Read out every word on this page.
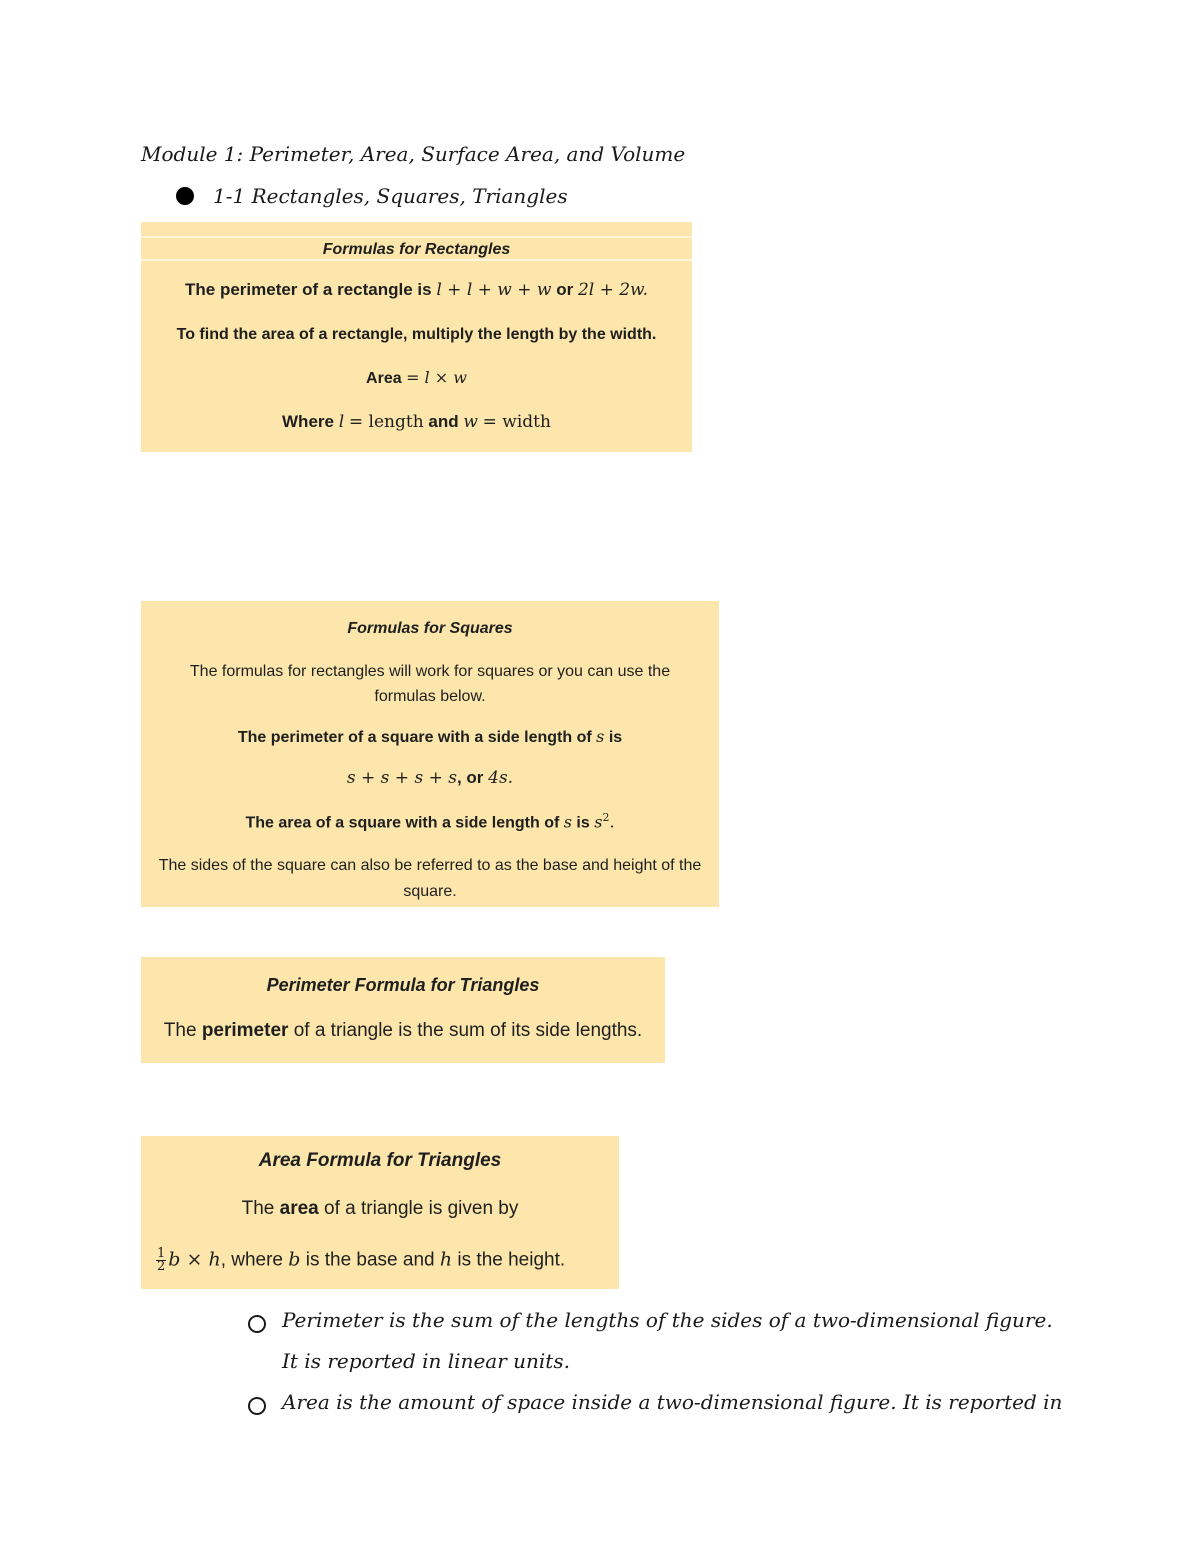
Module 1: Perimeter, Area, Surface Area, and Volume
1-1 Rectangles, Squares, Triangles
Formulas for Rectangles
The perimeter of a rectangle is l + l + w + w or 2l + 2w.
To find the area of a rectangle, multiply the length by the width.
Area = l × w
Where l = length and w = width
Formulas for Squares
The formulas for rectangles will work for squares or you can use the formulas below.
The perimeter of a square with a side length of s is
s + s + s + s, or 4s.
The area of a square with a side length of s is $s^2$.
The sides of the square can also be referred to as the base and height of the square.
Perimeter Formula for Triangles
The perimeter of a triangle is the sum of its side lengths.
Area Formula for Triangles
The area of a triangle is given by
$\frac{1}{2}$ b × h, where b is the base and h is the height.
Perimeter is the sum of the lengths of the sides of a two-dimensional figure. It is reported in linear units.
Area is the amount of space inside a two-dimensional figure. It is reported in
